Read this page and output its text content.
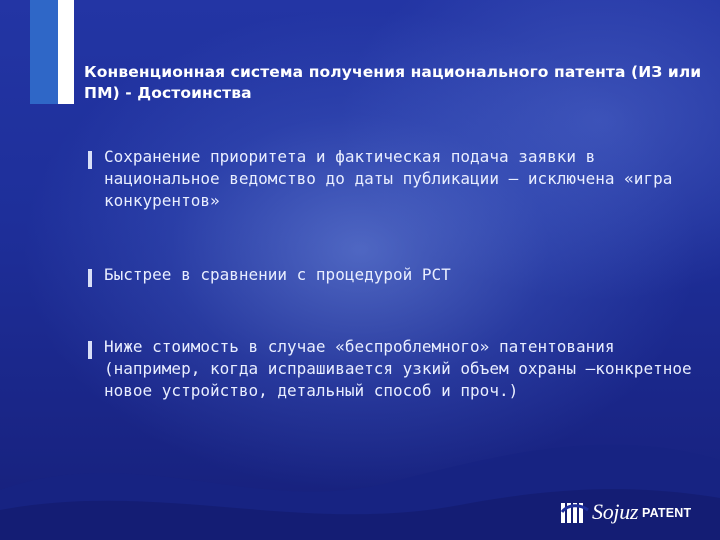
Конвенционная система получения национального патента (ИЗ или ПМ) - Достоинства
Сохранение приоритета и фактическая подача заявки в национальное ведомство до даты публикации – исключена «игра конкурентов»
Быстрее в сравнении с процедурой PCT
Ниже стоимость в случае «беспроблемного» патентования (например, когда испрашивается узкий объем охраны –конкретное новое устройство, детальный способ и проч.)
Sojuz PATENT
